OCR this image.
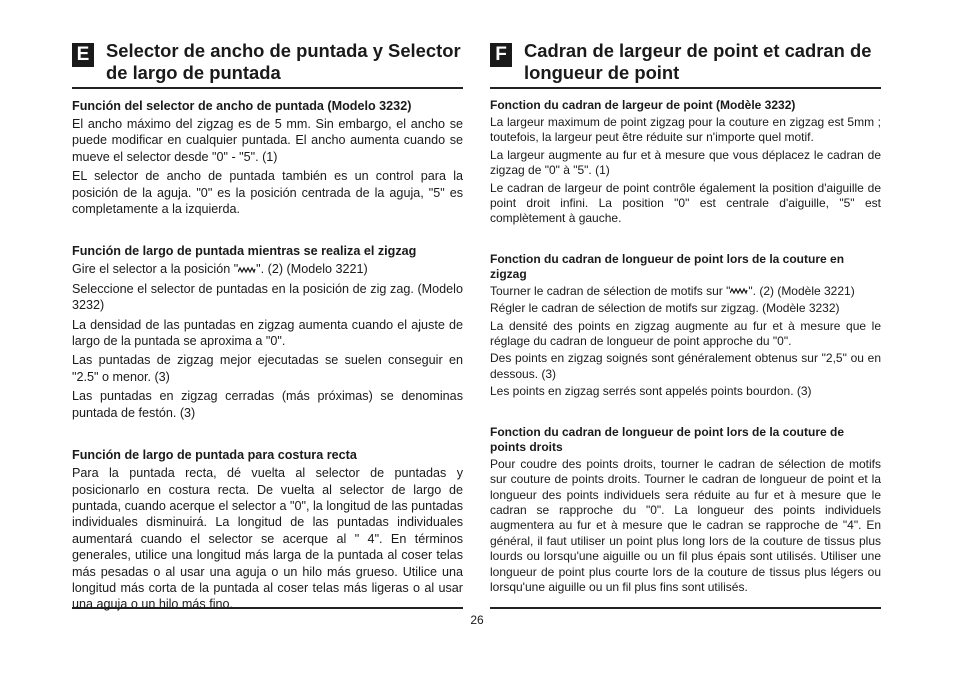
E Selector de ancho de puntada y Selector de largo de puntada
Función del selector de ancho de puntada (Modelo 3232)

El ancho máximo del zigzag es de 5 mm. Sin embargo, el ancho se puede modificar en cualquier puntada. El ancho aumenta cuando se mueve el selector desde "0" - "5". (1)

EL selector de ancho de puntada también es un control para la posición de la aguja. "0" es la posición centrada de la aguja, "5" es completamente a la izquierda.

Función de largo de puntada mientras se realiza el zigzag

Gire el selector a la posición " ". (2) (Modelo 3221)

Seleccione el selector de puntadas en la posición de zig zag. (Modelo 3232)

La densidad de las puntadas en zigzag aumenta cuando el ajuste de largo de la puntada se aproxima a "0".

Las puntadas de zigzag mejor ejecutadas se suelen conseguir en "2.5" o menor. (3)

Las puntadas en zigzag cerradas (más próximas) se denominas puntada de festón. (3)

Función de largo de puntada para costura recta

Para la puntada recta, dé vuelta al selector de puntadas y posicionarlo en costura recta. De vuelta al selector de largo de puntada, cuando acerque el selector a "0", la longitud de las puntadas individuales disminuirá. La longitud de las puntadas individuales aumentará cuando el selector se acerque al " 4". En términos generales, utilice una longitud más larga de la puntada al coser telas más pesadas o al usar una aguja o un hilo más grueso. Utilice una longitud más corta de la puntada al coser telas más ligeras o al usar una aguja o un hilo más fino.

F Cadran de largeur de point et cadran de longueur de point
Fonction du cadran de largeur de point (Modèle 3232)

La largeur maximum de point zigzag pour la couture en zigzag est 5mm ; toutefois, la largeur peut être réduite sur n'importe quel motif.

La largeur augmente au fur et à mesure que vous déplacez le cadran de zigzag de "0" à "5". (1)

Le cadran de largeur de point contrôle également la position d'aiguille de point droit infini. La position "0" est centrale d'aiguille, "5" est complètement à gauche.

Fonction du cadran de longueur de point lors de la couture en zigzag

Tourner le cadran de sélection de motifs sur " ". (2) (Modèle 3221)

Régler le cadran de sélection de motifs sur zigzag. (Modèle 3232)

La densité des points en zigzag augmente au fur et à mesure que le réglage du cadran de longueur de point approche du "0".

Des points en zigzag soignés sont généralement obtenus sur "2,5" ou en dessous. (3)

Les points en zigzag serrés sont appelés points bourdon. (3)

Fonction du cadran de longueur de point lors de la couture de points droits

Pour coudre des points droits, tourner le cadran de sélection de motifs sur couture de points droits. Tourner le cadran de longueur de point et la longueur des points individuels sera réduite au fur et à mesure que le cadran se rapproche du "0". La longueur des points individuels augmentera au fur et à mesure que le cadran se rapproche de "4". En général, il faut utiliser un point plus long lors de la couture de tissus plus lourds ou lorsqu'une aiguille ou un fil plus épais sont utilisés. Utiliser une longueur de point plus courte lors de la couture de tissus plus légers ou lorsqu'une aiguille ou un fil plus fins sont utilisés.

26
